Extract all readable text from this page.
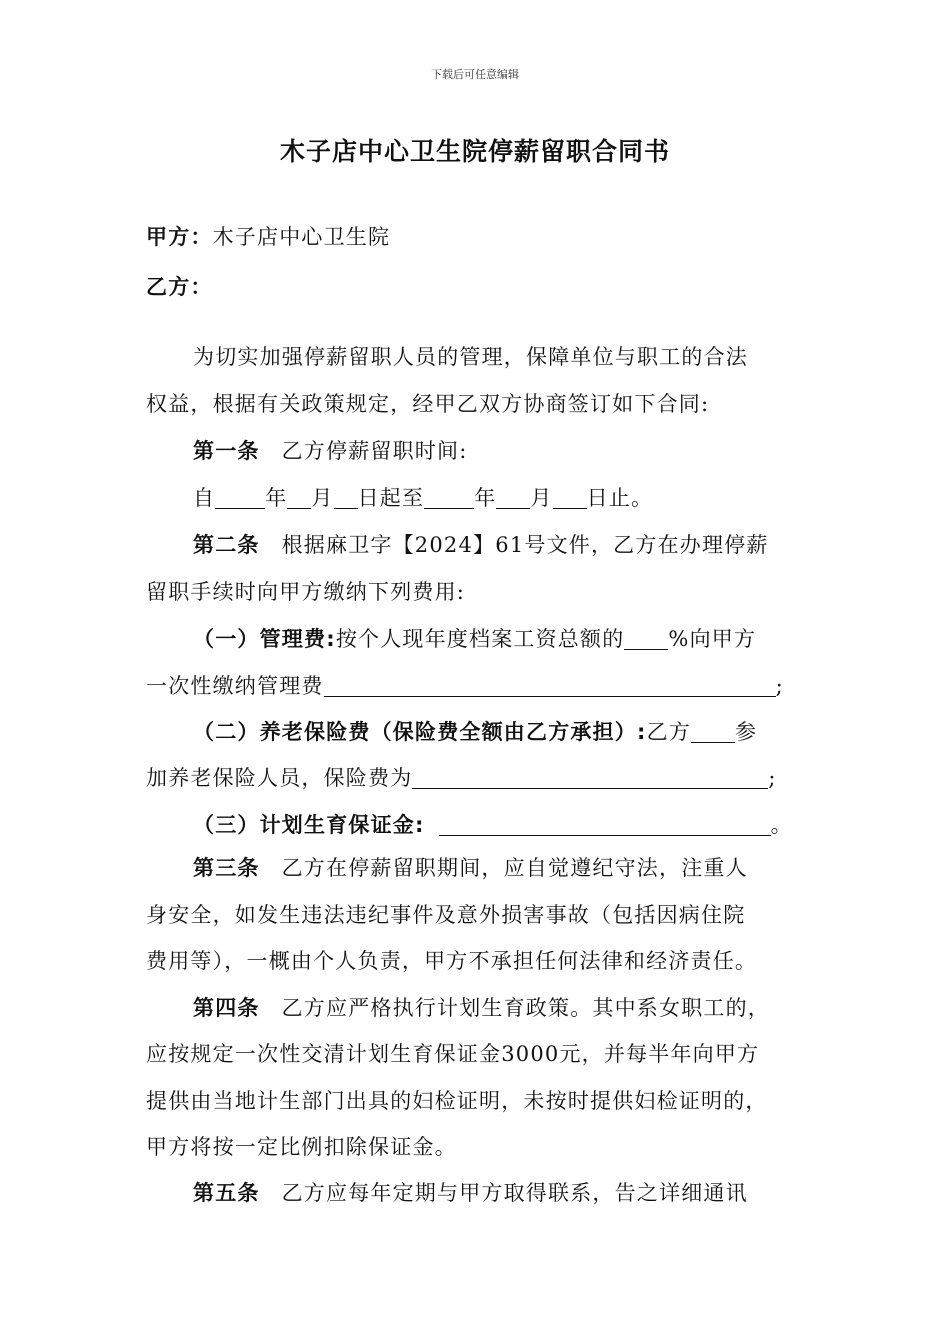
下载后可任意编辑
木子店中心卫生院停薪留职合同书
甲方：木子店中心卫生院
乙方：
为切实加强停薪留职人员的管理，保障单位与职工的合法
权益，根据有关政策规定，经甲乙双方协商签订如下合同:
第一条 乙方停薪留职时间:
自 年 月 日起至 年 月 日止。
第二条 根据麻卫字【2024】61号文件，乙方在办理停薪
留职手续时向甲方缴纳下列费用:
（一）管理费:按个人现年度档案工资总额的 %向甲方
一次性缴纳管理费	;
（二）养老保险费（保险费全额由乙方承担）:乙方 参
加养老保险人员，保险费为	;
（三）计划生育保证金:	。
第三条 乙方在停薪留职期间，应自觉遵纪守法，注重人
身安全，如发生违法违纪事件及意外损害事故（包括因病住院
费用等），一概由个人负责，甲方不承担任何法律和经济责任。
第四条 乙方应严格执行计划生育政策。其中系女职工的，
应按规定一次性交清计划生育保证金3000元，并每半年向甲方
提供由当地计生部门出具的妇检证明，未按时提供妇检证明的，
甲方将按一定比例扣除保证金。
第五条 乙方应每年定期与甲方取得联系，告之详细通讯
